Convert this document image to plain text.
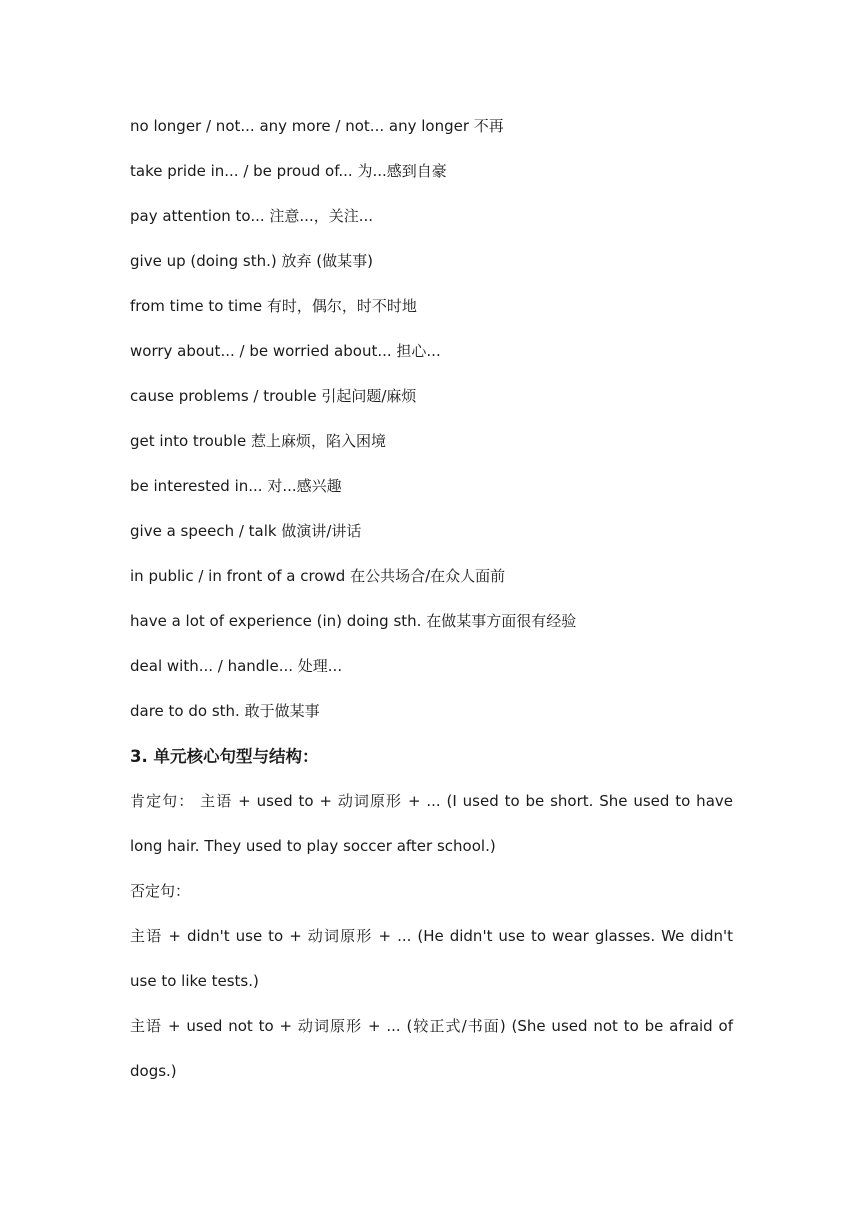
no longer / not... any more / not... any longer 不再
take pride in... / be proud of... 为...感到自豪
pay attention to... 注意...，关注...
give up (doing sth.) 放弃 (做某事)
from time to time 有时，偶尔，时不时地
worry about... / be worried about... 担心...
cause problems / trouble 引起问题/麻烦
get into trouble 惹上麻烦，陷入困境
be interested in... 对...感兴趣
give a speech / talk 做演讲/讲话
in public / in front of a crowd 在公共场合/在众人面前
have a lot of experience (in) doing sth. 在做某事方面很有经验
deal with... / handle... 处理...
dare to do sth. 敢于做某事
3. 单元核心句型与结构：
肯定句： 主语 + used to + 动词原形 + ... (I used to be short. She used to have long hair. They used to play soccer after school.)
否定句：
主语 + didn't use to + 动词原形 + ... (He didn't use to wear glasses. We didn't use to like tests.)
主语 + used not to + 动词原形 + ... (较正式/书面) (She used not to be afraid of dogs.)
